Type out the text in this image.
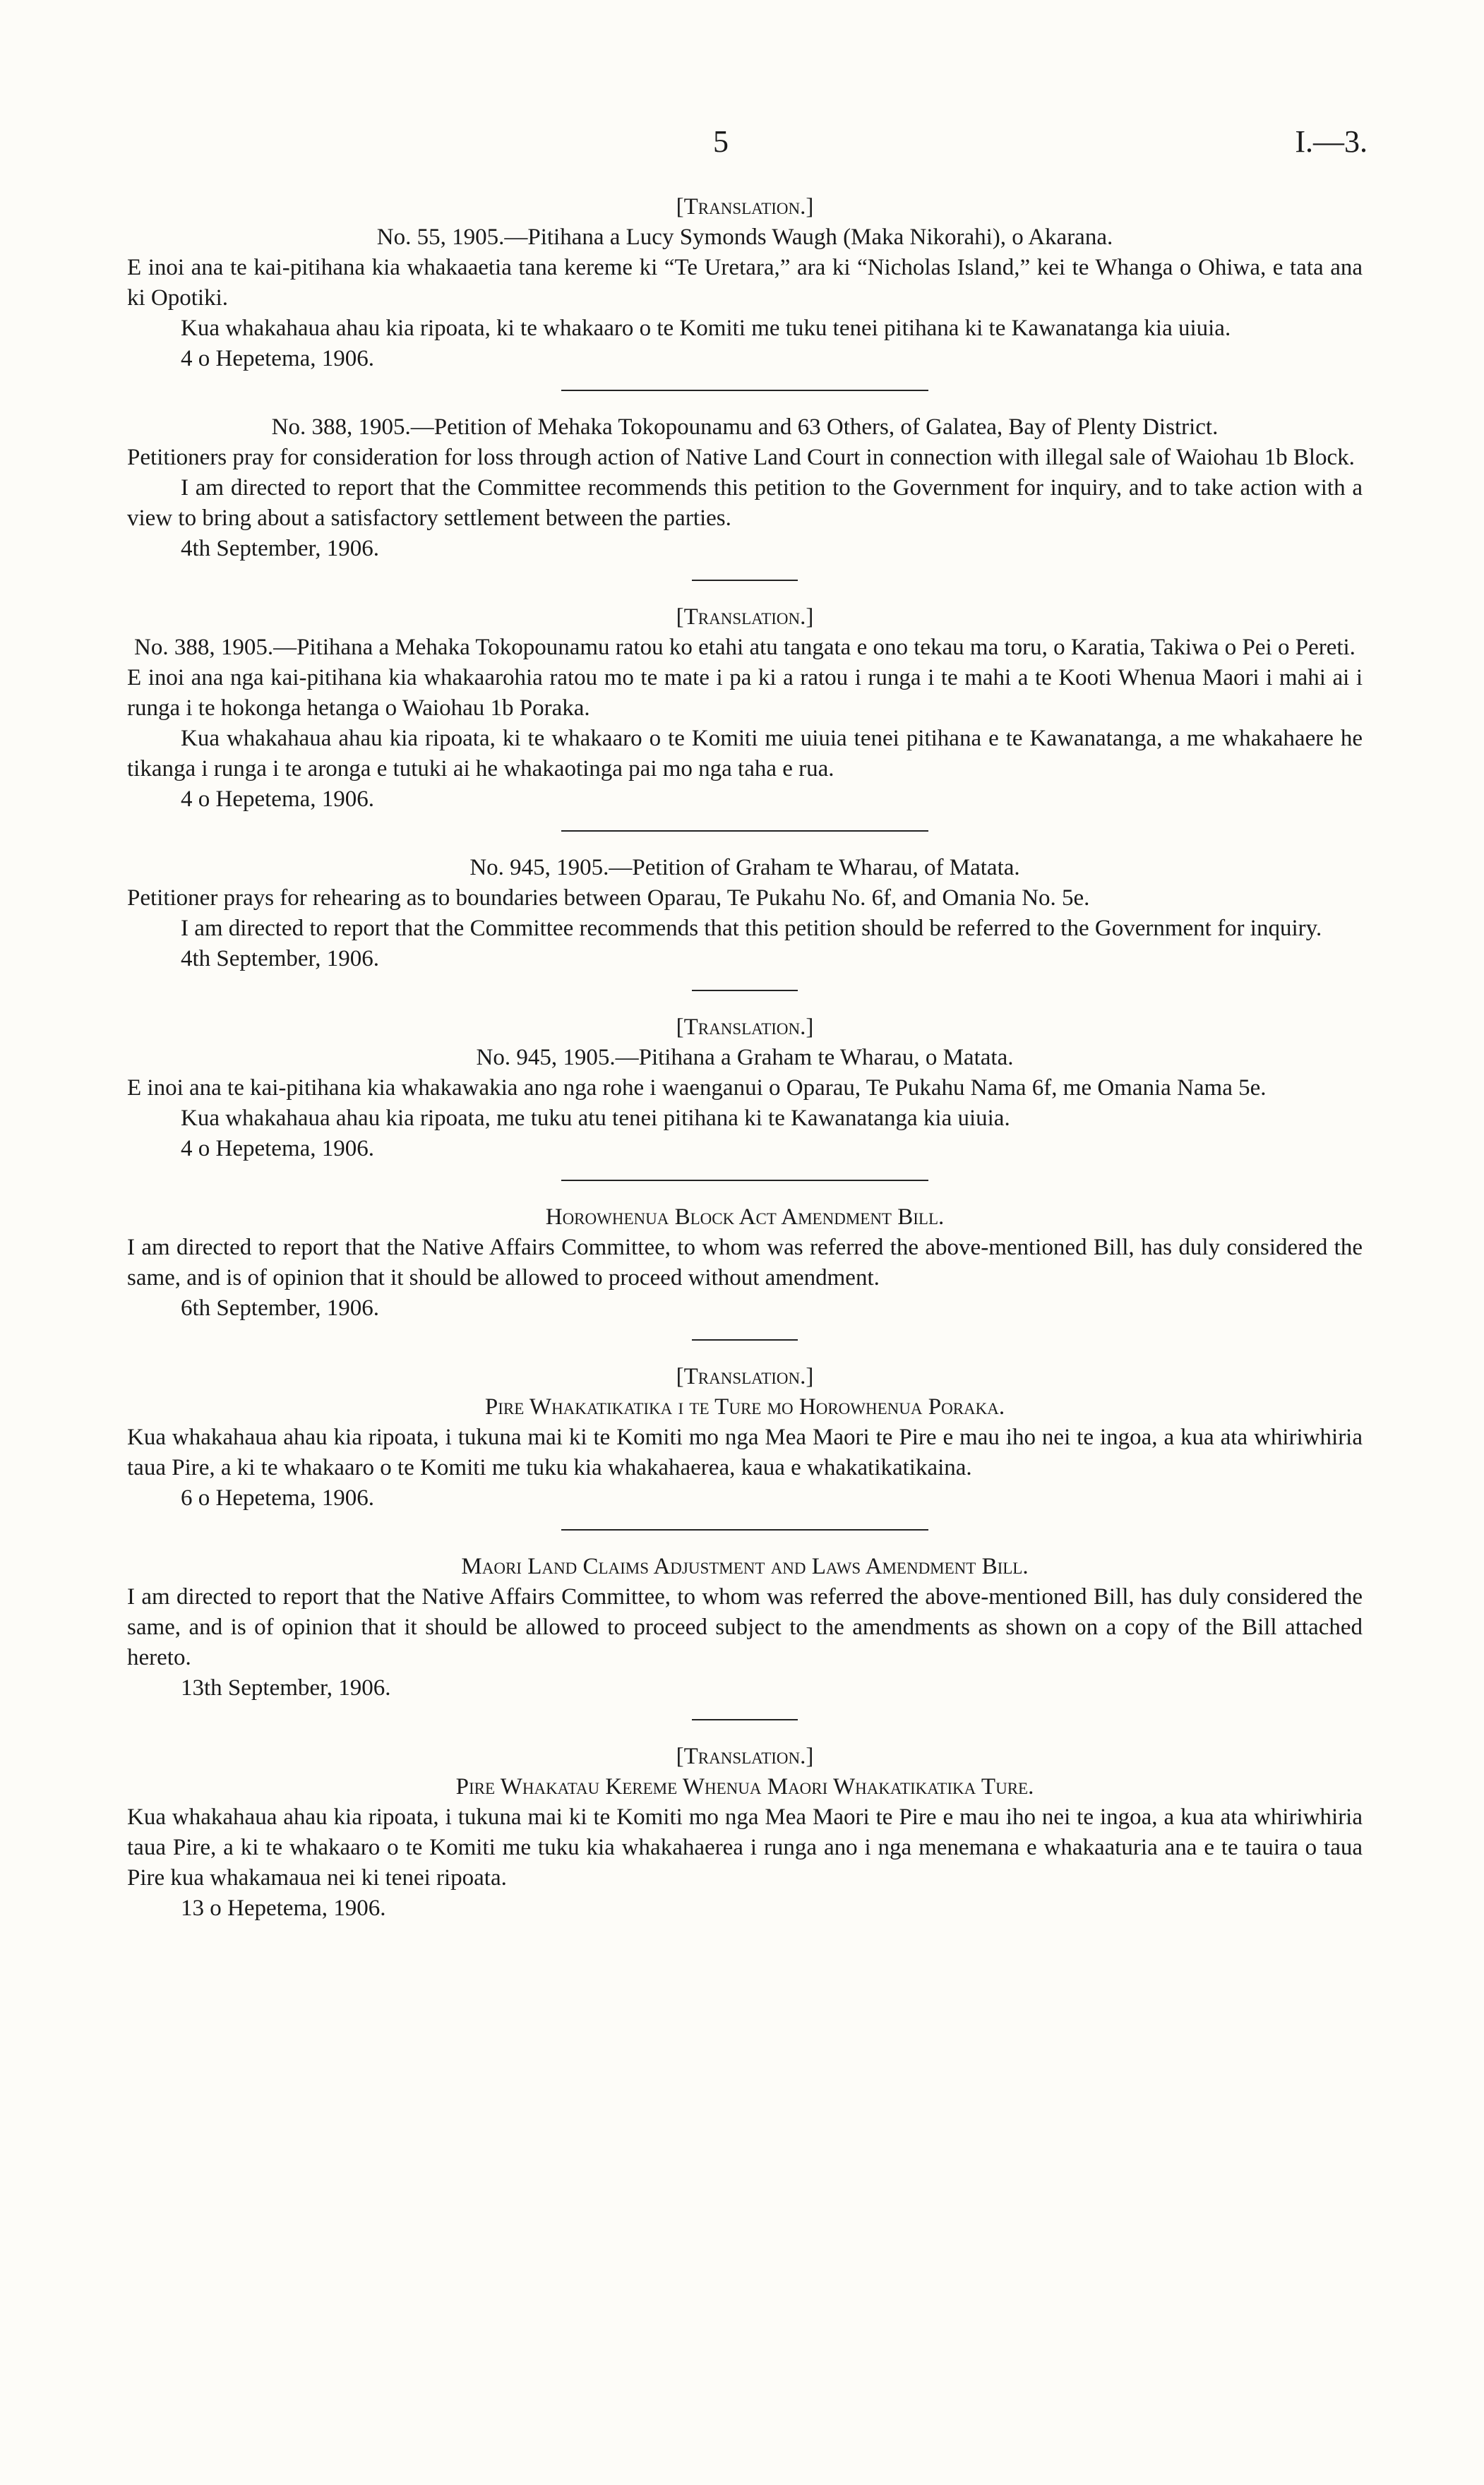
5	I.—3.

[Translation.]

No. 55, 1905.—Pitihana a Lucy Symonds Waugh (Maka Nikorahi), o Akarana.

E inoi ana te kai-pitihana kia whakaaetia tana kereme ki “Te Uretara,” ara ki “Nicholas Island,” kei te Whanga o Ohiwa, e tata ana ki Opotiki.

Kua whakahaua ahau kia ripoata, ki te whakaaro o te Komiti me tuku tenei pitihana ki te Kawanatanga kia uiuia.

4 o Hepetema, 1906.

No. 388, 1905.—Petition of Mehaka Tokopounamu and 63 Others, of Galatea, Bay of Plenty District.

Petitioners pray for consideration for loss through action of Native Land Court in connection with illegal sale of Waiohau 1b Block.

I am directed to report that the Committee recommends this petition to the Government for inquiry, and to take action with a view to bring about a satisfactory settlement between the parties.

4th September, 1906.

[Translation.]

No. 388, 1905.—Pitihana a Mehaka Tokopounamu ratou ko etahi atu tangata e ono tekau ma toru, o Karatia, Takiwa o Pei o Pereti.

E inoi ana nga kai-pitihana kia whakaarohia ratou mo te mate i pa ki a ratou i runga i te mahi a te Kooti Whenua Maori i mahi ai i runga i te hokonga hetanga o Waiohau 1b Poraka.

Kua whakahaua ahau kia ripoata, ki te whakaaro o te Komiti me uiuia tenei pitihana e te Kawanatanga, a me whakahaere he tikanga i runga i te aronga e tutuki ai he whakaotinga pai mo nga taha e rua.

4 o Hepetema, 1906.

No. 945, 1905.—Petition of Graham te Wharau, of Matata.

Petitioner prays for rehearing as to boundaries between Oparau, Te Pukahu No. 6f, and Omania No. 5e.

I am directed to report that the Committee recommends that this petition should be referred to the Government for inquiry.

4th September, 1906.

[Translation.]

No. 945, 1905.—Pitihana a Graham te Wharau, o Matata.

E inoi ana te kai-pitihana kia whakawakia ano nga rohe i waenganui o Oparau, Te Pukahu Nama 6f, me Omania Nama 5e.

Kua whakahaua ahau kia ripoata, me tuku atu tenei pitihana ki te Kawanatanga kia uiuia.

4 o Hepetema, 1906.

Horowhenua Block Act Amendment Bill.

I am directed to report that the Native Affairs Committee, to whom was referred the above-mentioned Bill, has duly considered the same, and is of opinion that it should be allowed to proceed without amendment.

6th September, 1906.

[Translation.]

Pire Whakatikatika i te Ture mo Horowhenua Poraka.

Kua whakahaua ahau kia ripoata, i tukuna mai ki te Komiti mo nga Mea Maori te Pire e mau iho nei te ingoa, a kua ata whiriwhiria taua Pire, a ki te whakaaro o te Komiti me tuku kia whakahaerea, kaua e whakatikatikaina.

6 o Hepetema, 1906.

Maori Land Claims Adjustment and Laws Amendment Bill.

I am directed to report that the Native Affairs Committee, to whom was referred the above-mentioned Bill, has duly considered the same, and is of opinion that it should be allowed to proceed subject to the amendments as shown on a copy of the Bill attached hereto.

13th September, 1906.

[Translation.]

Pire Whakatau Kereme Whenua Maori Whakatikatika Ture.

Kua whakahaua ahau kia ripoata, i tukuna mai ki te Komiti mo nga Mea Maori te Pire e mau iho nei te ingoa, a kua ata whiriwhiria taua Pire, a ki te whakaaro o te Komiti me tuku kia whakahaerea i runga ano i nga menemana e whakaaturia ana e te tauira o taua Pire kua whakamaua nei ki tenei ripoata.

13 o Hepetema, 1906.
